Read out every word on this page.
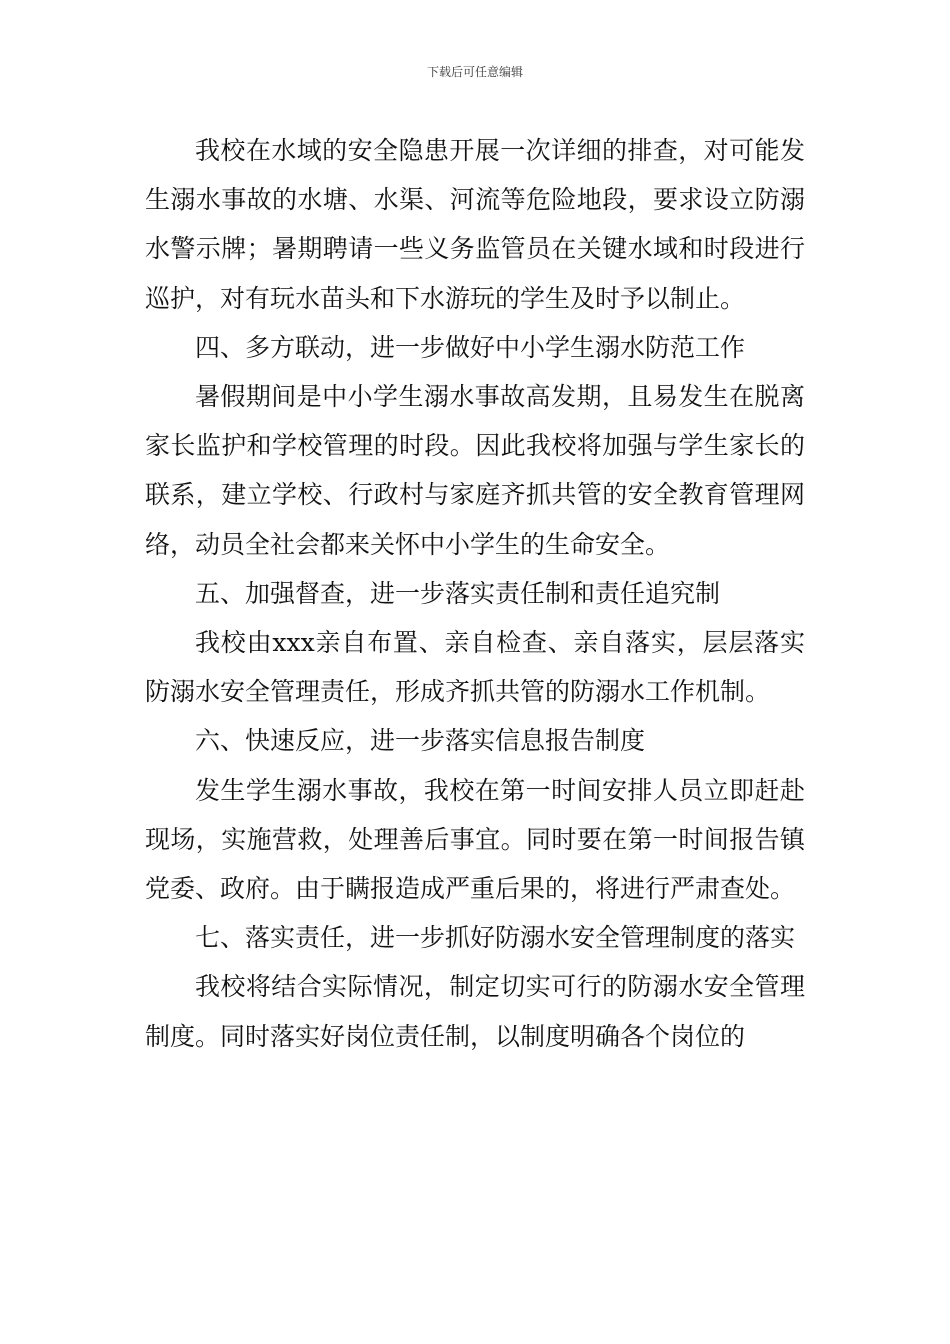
下载后可任意编辑

我校在水域的安全隐患开展一次详细的排查，对可能发生溺水事故的水塘、水渠、河流等危险地段，要求设立防溺水警示牌；暑期聘请一些义务监管员在关键水域和时段进行巡护，对有玩水苗头和下水游玩的学生及时予以制止。

四、多方联动，进一步做好中小学生溺水防范工作

暑假期间是中小学生溺水事故高发期，且易发生在脱离家长监护和学校管理的时段。因此我校将加强与学生家长的联系，建立学校、行政村与家庭齐抓共管的安全教育管理网络，动员全社会都来关怀中小学生的生命安全。

五、加强督查，进一步落实责任制和责任追究制

我校由xxx亲自布置、亲自检查、亲自落实，层层落实防溺水安全管理责任，形成齐抓共管的防溺水工作机制。

六、快速反应，进一步落实信息报告制度

发生学生溺水事故，我校在第一时间安排人员立即赶赴现场，实施营救，处理善后事宜。同时要在第一时间报告镇党委、政府。由于瞒报造成严重后果的，将进行严肃查处。

七、落实责任，进一步抓好防溺水安全管理制度的落实

我校将结合实际情况，制定切实可行的防溺水安全管理制度。同时落实好岗位责任制，以制度明确各个岗位的
